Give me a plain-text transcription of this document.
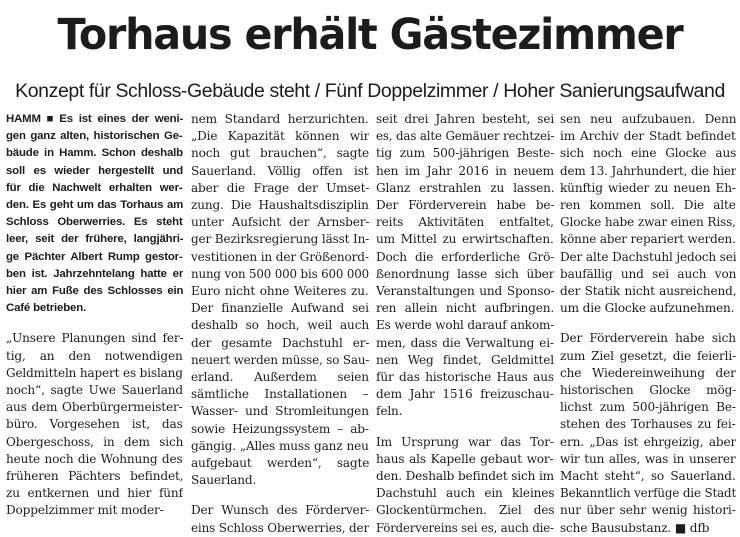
Torhaus erhält Gästezimmer
Konzept für Schloss-Gebäude steht / Fünf Doppelzimmer / Hoher Sanierungsaufwand
HAMM ■ Es ist eines der weni-
gen ganz alten, historischen Ge-
bäude in Hamm. Schon deshalb
soll es wieder hergestellt und
für die Nachwelt erhalten wer-
den. Es geht um das Torhaus am
Schloss Oberwerries. Es steht
leer, seit der frühere, langjähri-
ge Pächter Albert Rump gestor-
ben ist. Jahrzehntelang hatte er
hier am Fuße des Schlosses ein
Café betrieben.
„Unsere Planungen sind fer-
tig, an den notwendigen
Geldmitteln hapert es bislang
noch“, sagte Uwe Sauerland
aus dem Oberbürgermeister-
büro. Vorgesehen ist, das
Obergeschoss, in dem sich
heute noch die Wohnung des
früheren Pächters befindet,
zu entkernen und hier fünf
Doppelzimmer mit moder-
nem Standard herzurichten.
„Die Kapazität können wir
noch gut brauchen“, sagte
Sauerland. Völlig offen ist
aber die Frage der Umset-
zung. Die Haushaltsdisziplin
unter Aufsicht der Arnsber-
ger Bezirksregierung lässt In-
vestitionen in der Größenord-
nung von 500 000 bis 600 000
Euro nicht ohne Weiteres zu.
Der finanzielle Aufwand sei
deshalb so hoch, weil auch
der gesamte Dachstuhl er-
neuert werden müsse, so Sau-
erland. Außerdem seien
sämtliche Installationen –
Wasser- und Stromleitungen
sowie Heizungssystem – ab-
gängig. „Alles muss ganz neu
aufgebaut werden“, sagte
Sauerland.
Der Wunsch des Förderver-
eins Schloss Oberwerries, der
seit drei Jahren besteht, sei
es, das alte Gemäuer rechtzei-
tig zum 500-jährigen Beste-
hen im Jahr 2016 in neuem
Glanz erstrahlen zu lassen.
Der Förderverein habe be-
reits Aktivitäten entfaltet,
um Mittel zu erwirtschaften.
Doch die erforderliche Grö-
ßenordnung lasse sich über
Veranstaltungen und Sponso-
ren allein nicht aufbringen.
Es werde wohl darauf ankom-
men, dass die Verwaltung ei-
nen Weg findet, Geldmittel
für das historische Haus aus
dem Jahr 1516 freizuschau-
feln.
Im Ursprung war das Tor-
haus als Kapelle gebaut wor-
den. Deshalb befindet sich im
Dachstuhl auch ein kleines
Glockentürmchen. Ziel des
Fördervereins sei es, auch die-
sen neu aufzubauen. Denn
im Archiv der Stadt befindet
sich noch eine Glocke aus
dem 13. Jahrhundert, die hier
künftig wieder zu neuen Eh-
ren kommen soll. Die alte
Glocke habe zwar einen Riss,
könne aber repariert werden.
Der alte Dachstuhl jedoch sei
baufällig und sei auch von
der Statik nicht ausreichend,
um die Glocke aufzunehmen.
Der Förderverein habe sich
zum Ziel gesetzt, die feierli-
che Wiedereinweihung der
historischen Glocke mög-
lichst zum 500-jährigen Be-
stehen des Torhauses zu fei-
ern. „Das ist ehrgeizig, aber
wir tun alles, was in unserer
Macht steht“, so Sauerland.
Bekanntlich verfüge die Stadt
nur über sehr wenig histori-
sche Bausubstanz. ■ dfb
